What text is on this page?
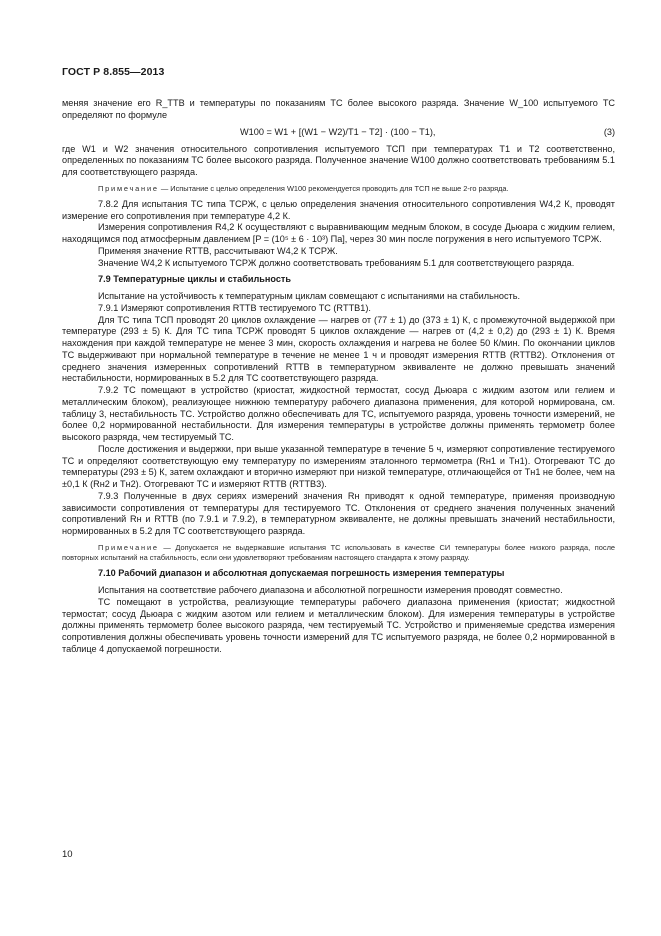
ГОСТ Р 8.855—2013

меняя значение его R_ТТВ и температуры по показаниям ТС более высокого разряда. Значение W_100 испытуемого ТС определяют по формуле

W100 = W1 + [(W1 − W2)/T1 − T2] · (100 − T1),	(3)

где W1 и W2 значения относительного сопротивления испытуемого ТСП при температурах T1 и T2 соответственно, определенных по показаниям ТС более высокого разряда. Полученное значение W100 должно соответствовать требованиям 5.1 для соответствующего разряда.

Примечание — Испытание с целью определения W100 рекомендуется проводить для ТСП не выше 2-го разряда.

7.8.2 Для испытания ТС типа ТСРЖ, с целью определения значения относительного сопротивления W4,2 К, проводят измерение его сопротивления при температуре 4,2 К.

Измерения сопротивления R4,2 К осуществляют с выравнивающим медным блоком, в сосуде Дьюара с жидким гелием, находящимся под атмосферным давлением [P = (10⁵ ± 6 · 10³) Па], через 30 мин после погружения в него испытуемого ТСРЖ.

Применяя значение RТТВ, рассчитывают W4,2 К ТСРЖ.

Значение W4,2 К испытуемого ТСРЖ должно соответствовать требованиям 5.1 для соответствующего разряда.

7.9 Температурные циклы и стабильность

Испытание на устойчивость к температурным циклам совмещают с испытаниями на стабильность.

7.9.1 Измеряют сопротивления RТТВ тестируемого ТС (RТТВ1).

Для ТС типа ТСП проводят 20 циклов охлаждение — нагрев от (77 ± 1) до (373 ± 1) К, с промежуточной выдержкой при температуре (293 ± 5) К. Для ТС типа ТСРЖ проводят 5 циклов охлаждение — нагрев от (4,2 ± 0,2) до (293 ± 1) К. Время нахождения при каждой температуре не менее 3 мин, скорость охлаждения и нагрева не более 50 К/мин. По окончании циклов ТС выдерживают при нормальной температуре в течение не менее 1 ч и проводят измерения RТТВ (RТТВ2). Отклонения от среднего значения измеренных сопротивлений RТТВ в температурном эквиваленте не должно превышать значений нестабильности, нормированных в 5.2 для ТС соответствующего разряда.

7.9.2 ТС помещают в устройство (криостат, жидкостной термостат, сосуд Дьюара с жидким азотом или гелием и металлическим блоком), реализующее нижнюю температуру рабочего диапазона применения, для которой нормирована, см. таблицу 3, нестабильность ТС. Устройство должно обеспечивать для ТС, испытуемого разряда, уровень точности измерений, не более 0,2 нормированной нестабильности. Для измерения температуры в устройстве должны применять термометр более высокого разряда, чем тестируемый ТС.

После достижения и выдержки, при выше указанной температуре в течение 5 ч, измеряют сопротивление тестируемого ТС и определяют соответствующую ему температуру по измерениям эталонного термометра (Rн1 и Tн1). Отогревают ТС до температуры (293 ± 5) К, затем охлаждают и вторично измеряют при низкой температуре, отличающейся от Tн1 не более, чем на ±0,1 К (Rн2 и Tн2). Отогревают ТС и измеряют RТТВ (RТТВ3).

7.9.3 Полученные в двух сериях измерений значения Rн приводят к одной температуре, применяя производную зависимости сопротивления от температуры для тестируемого ТС. Отклонения от среднего значения полученных значений сопротивлений Rн и RТТВ (по 7.9.1 и 7.9.2), в температурном эквиваленте, не должны превышать значений нестабильности, нормированных в 5.2 для ТС соответствующего разряда.

Примечание — Допускается не выдержавшие испытания ТС использовать в качестве СИ температуры более низкого разряда, после повторных испытаний на стабильность, если они удовлетворяют требованиям настоящего стандарта к этому разряду.

7.10 Рабочий диапазон и абсолютная допускаемая погрешность измерения температуры

Испытания на соответствие рабочего диапазона и абсолютной погрешности измерения проводят совместно.

ТС помещают в устройства, реализующие температуры рабочего диапазона применения (криостат; жидкостной термостат; сосуд Дьюара с жидким азотом или гелием и металлическим блоком). Для измерения температуры в устройстве должны применять термометр более высокого разряда, чем тестируемый ТС. Устройство и применяемые средства измерения сопротивления должны обеспечивать уровень точности измерений для ТС испытуемого разряда, не более 0,2 нормированной в таблице 4 допускаемой погрешности.

10
